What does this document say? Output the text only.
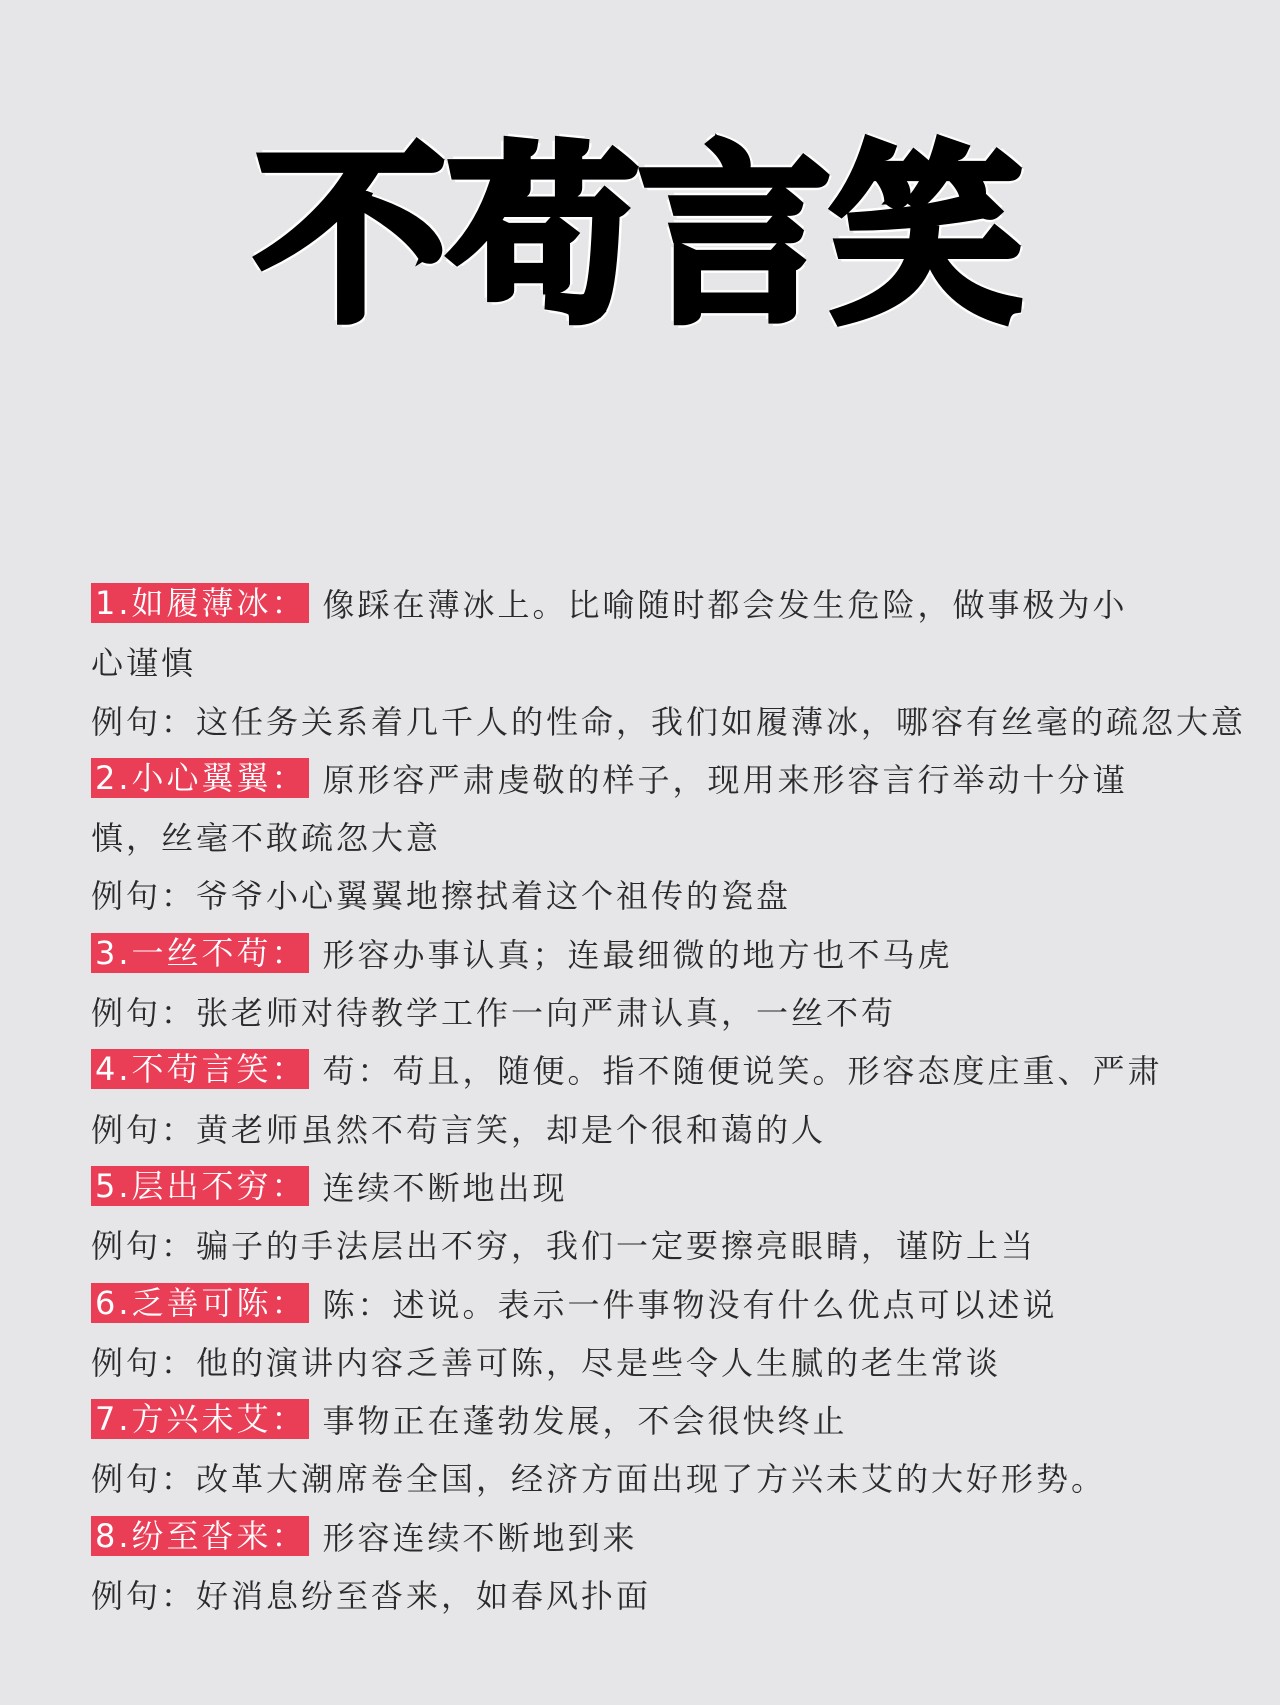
不苟言笑
1.如履薄冰： 像踩在薄冰上。比喻随时都会发生危险，做事极为小
心谨慎
例句：这任务关系着几千人的性命，我们如履薄冰，哪容有丝毫的疏忽大意
2.小心翼翼： 原形容严肃虔敬的样子，现用来形容言行举动十分谨
慎，丝毫不敢疏忽大意
例句：爷爷小心翼翼地擦拭着这个祖传的瓷盘
3.一丝不苟： 形容办事认真；连最细微的地方也不马虎
例句：张老师对待教学工作一向严肃认真，一丝不苟
4.不苟言笑： 苟：苟且，随便。指不随便说笑。形容态度庄重、严肃
例句：黄老师虽然不苟言笑，却是个很和蔼的人
5.层出不穷： 连续不断地出现
例句：骗子的手法层出不穷，我们一定要擦亮眼睛，谨防上当
6.乏善可陈： 陈：述说。表示一件事物没有什么优点可以述说
例句：他的演讲内容乏善可陈，尽是些令人生腻的老生常谈
7.方兴未艾： 事物正在蓬勃发展，不会很快终止
例句：改革大潮席卷全国，经济方面出现了方兴未艾的大好形势。
8.纷至沓来： 形容连续不断地到来
例句：好消息纷至沓来，如春风扑面
